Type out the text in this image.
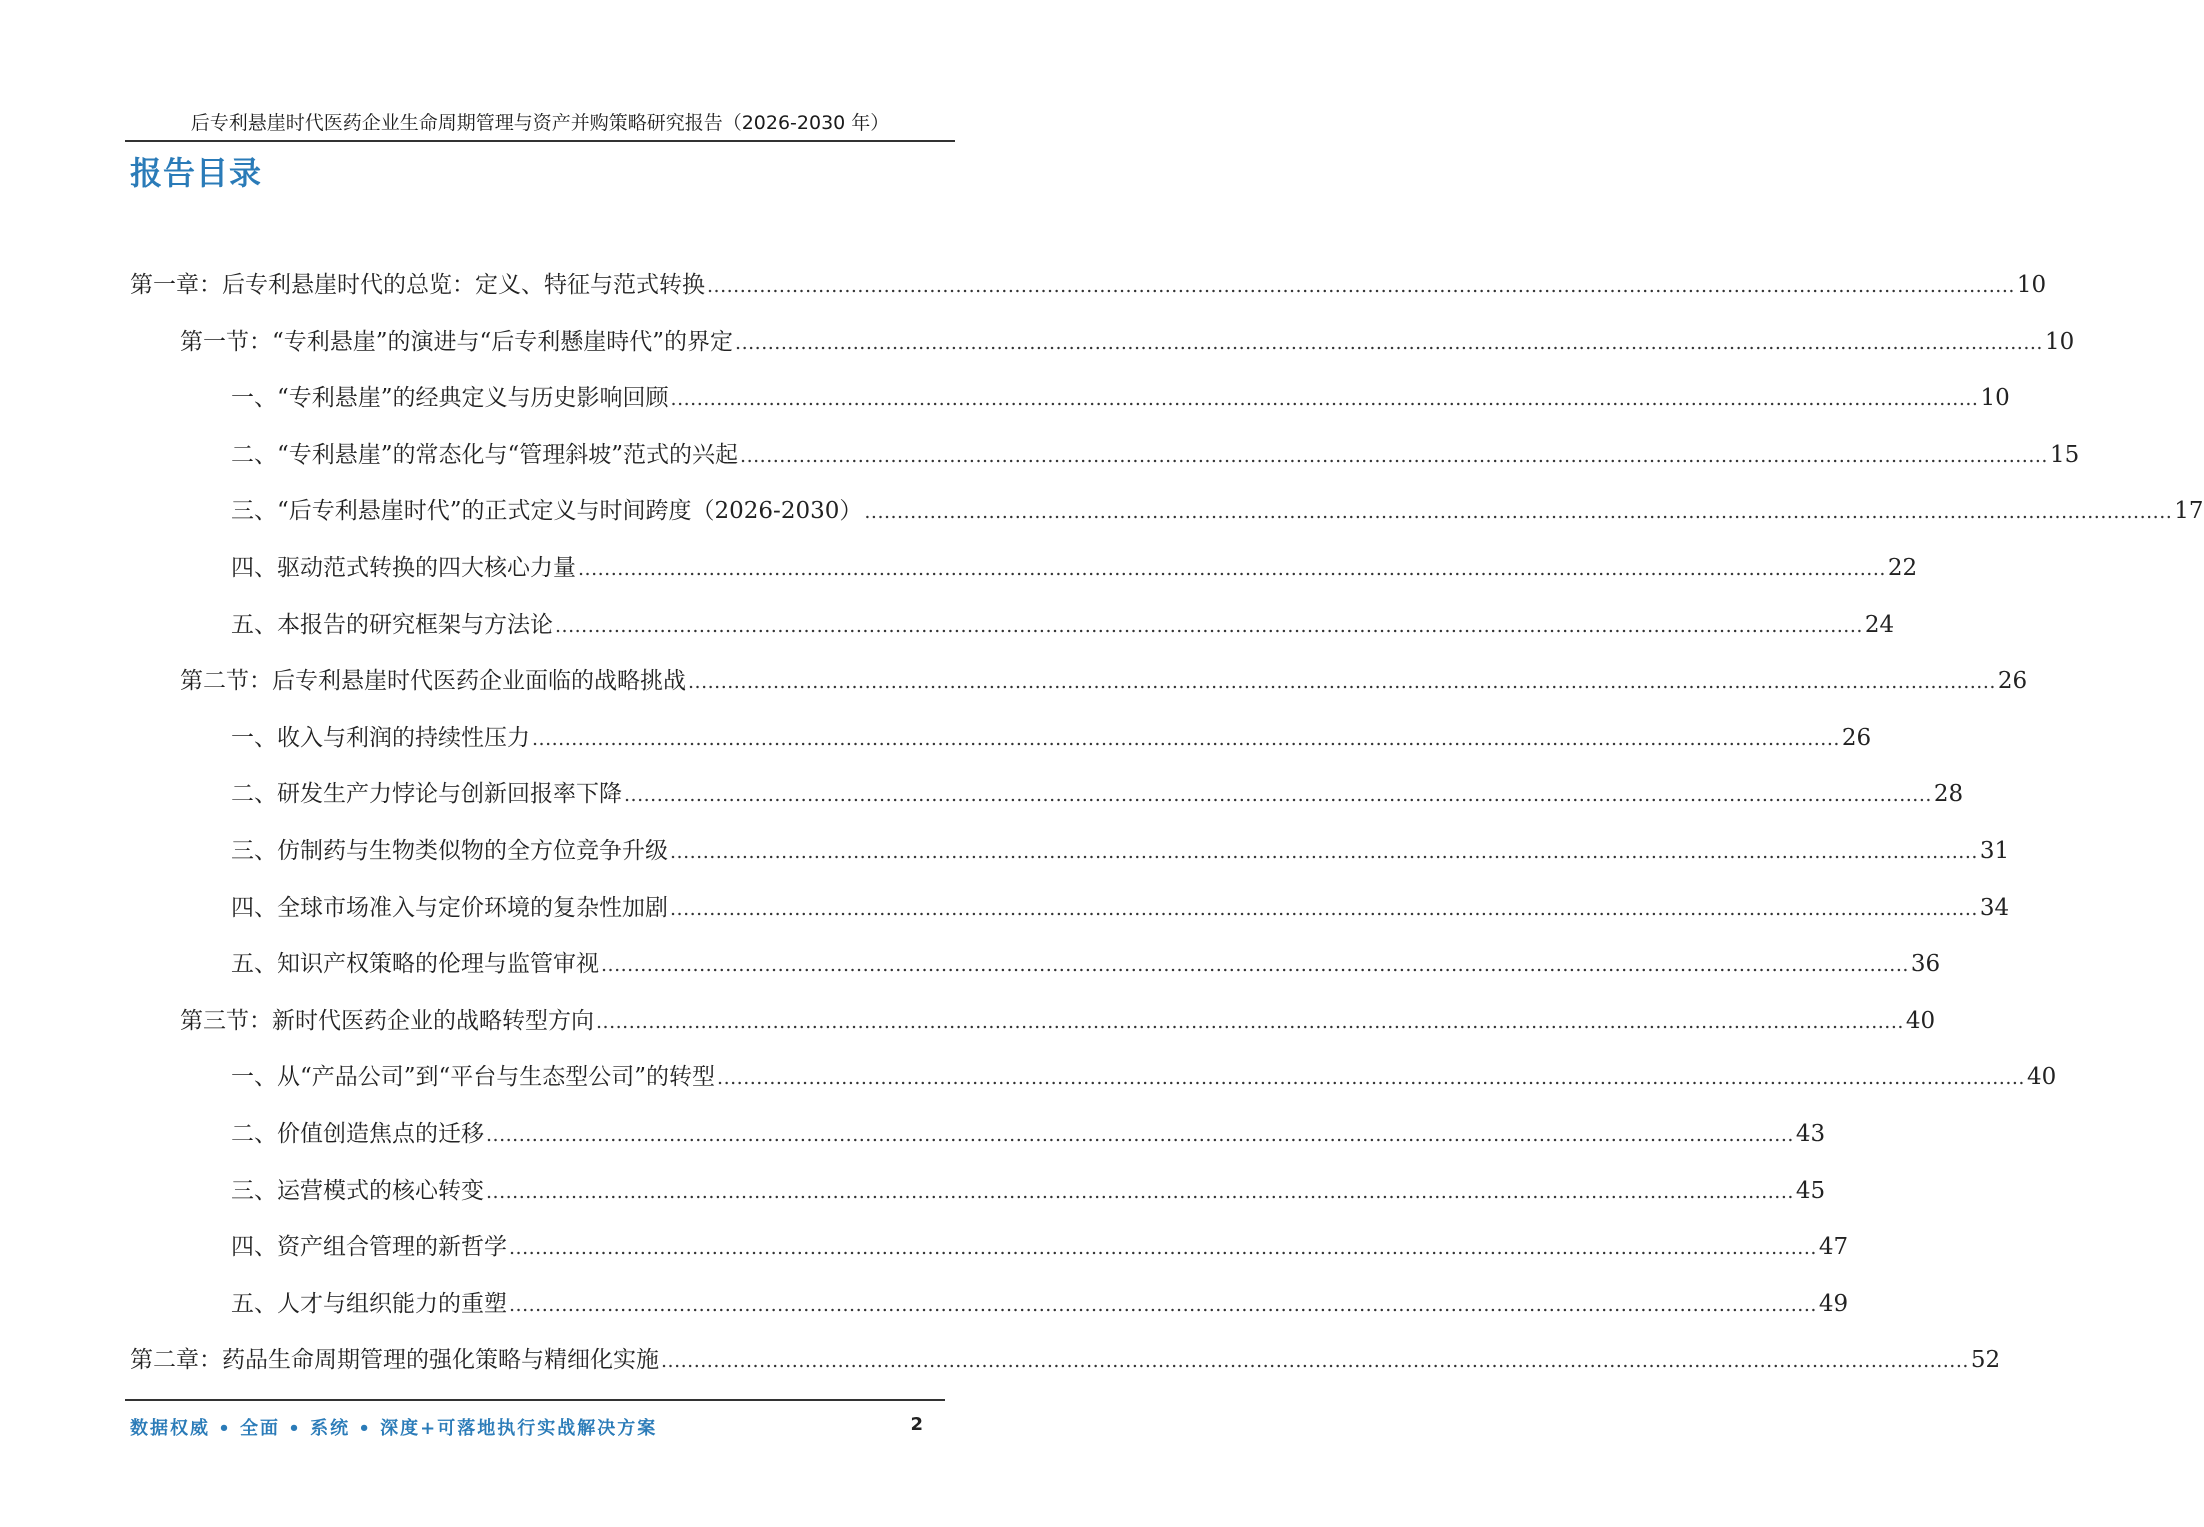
后专利悬崖时代医药企业生命周期管理与资产并购策略研究报告（2026-2030 年）
报告目录
第一章：后专利悬崖时代的总览：定义、特征与范式转换 ........................................................................................................................................................................................................ 10
第一节：“专利悬崖”的演进与“后专利懸崖時代”的界定 ........................................................................................................................................................................................................ 10
一、“专利悬崖”的经典定义与历史影响回顾 ........................................................................................................................................................................................................ 10
二、“专利悬崖”的常态化与“管理斜坡”范式的兴起 ........................................................................................................................................................................................................ 15
三、“后专利悬崖时代”的正式定义与时间跨度（2026-2030） ........................................................................................................................................................................................................ 17
四、驱动范式转换的四大核心力量 ........................................................................................................................................................................................................ 22
五、本报告的研究框架与方法论 ........................................................................................................................................................................................................ 24
第二节：后专利悬崖时代医药企业面临的战略挑战 ........................................................................................................................................................................................................ 26
一、收入与利润的持续性压力 ........................................................................................................................................................................................................ 26
二、研发生产力悖论与创新回报率下降 ........................................................................................................................................................................................................ 28
三、仿制药与生物类似物的全方位竞争升级 ........................................................................................................................................................................................................ 31
四、全球市场准入与定价环境的复杂性加剧 ........................................................................................................................................................................................................ 34
五、知识产权策略的伦理与监管审视 ........................................................................................................................................................................................................ 36
第三节：新时代医药企业的战略转型方向 ........................................................................................................................................................................................................ 40
一、从“产品公司”到“平台与生态型公司”的转型 ........................................................................................................................................................................................................ 40
二、价值创造焦点的迁移 ........................................................................................................................................................................................................ 43
三、运营模式的核心转变 ........................................................................................................................................................................................................ 45
四、资产组合管理的新哲学 ........................................................................................................................................................................................................ 47
五、人才与组织能力的重塑 ........................................................................................................................................................................................................ 49
第二章：药品生命周期管理的强化策略与精细化实施 ........................................................................................................................................................................................................ 52
数据权威 • 全面 • 系统 • 深度+可落地执行实战解决方案	2
